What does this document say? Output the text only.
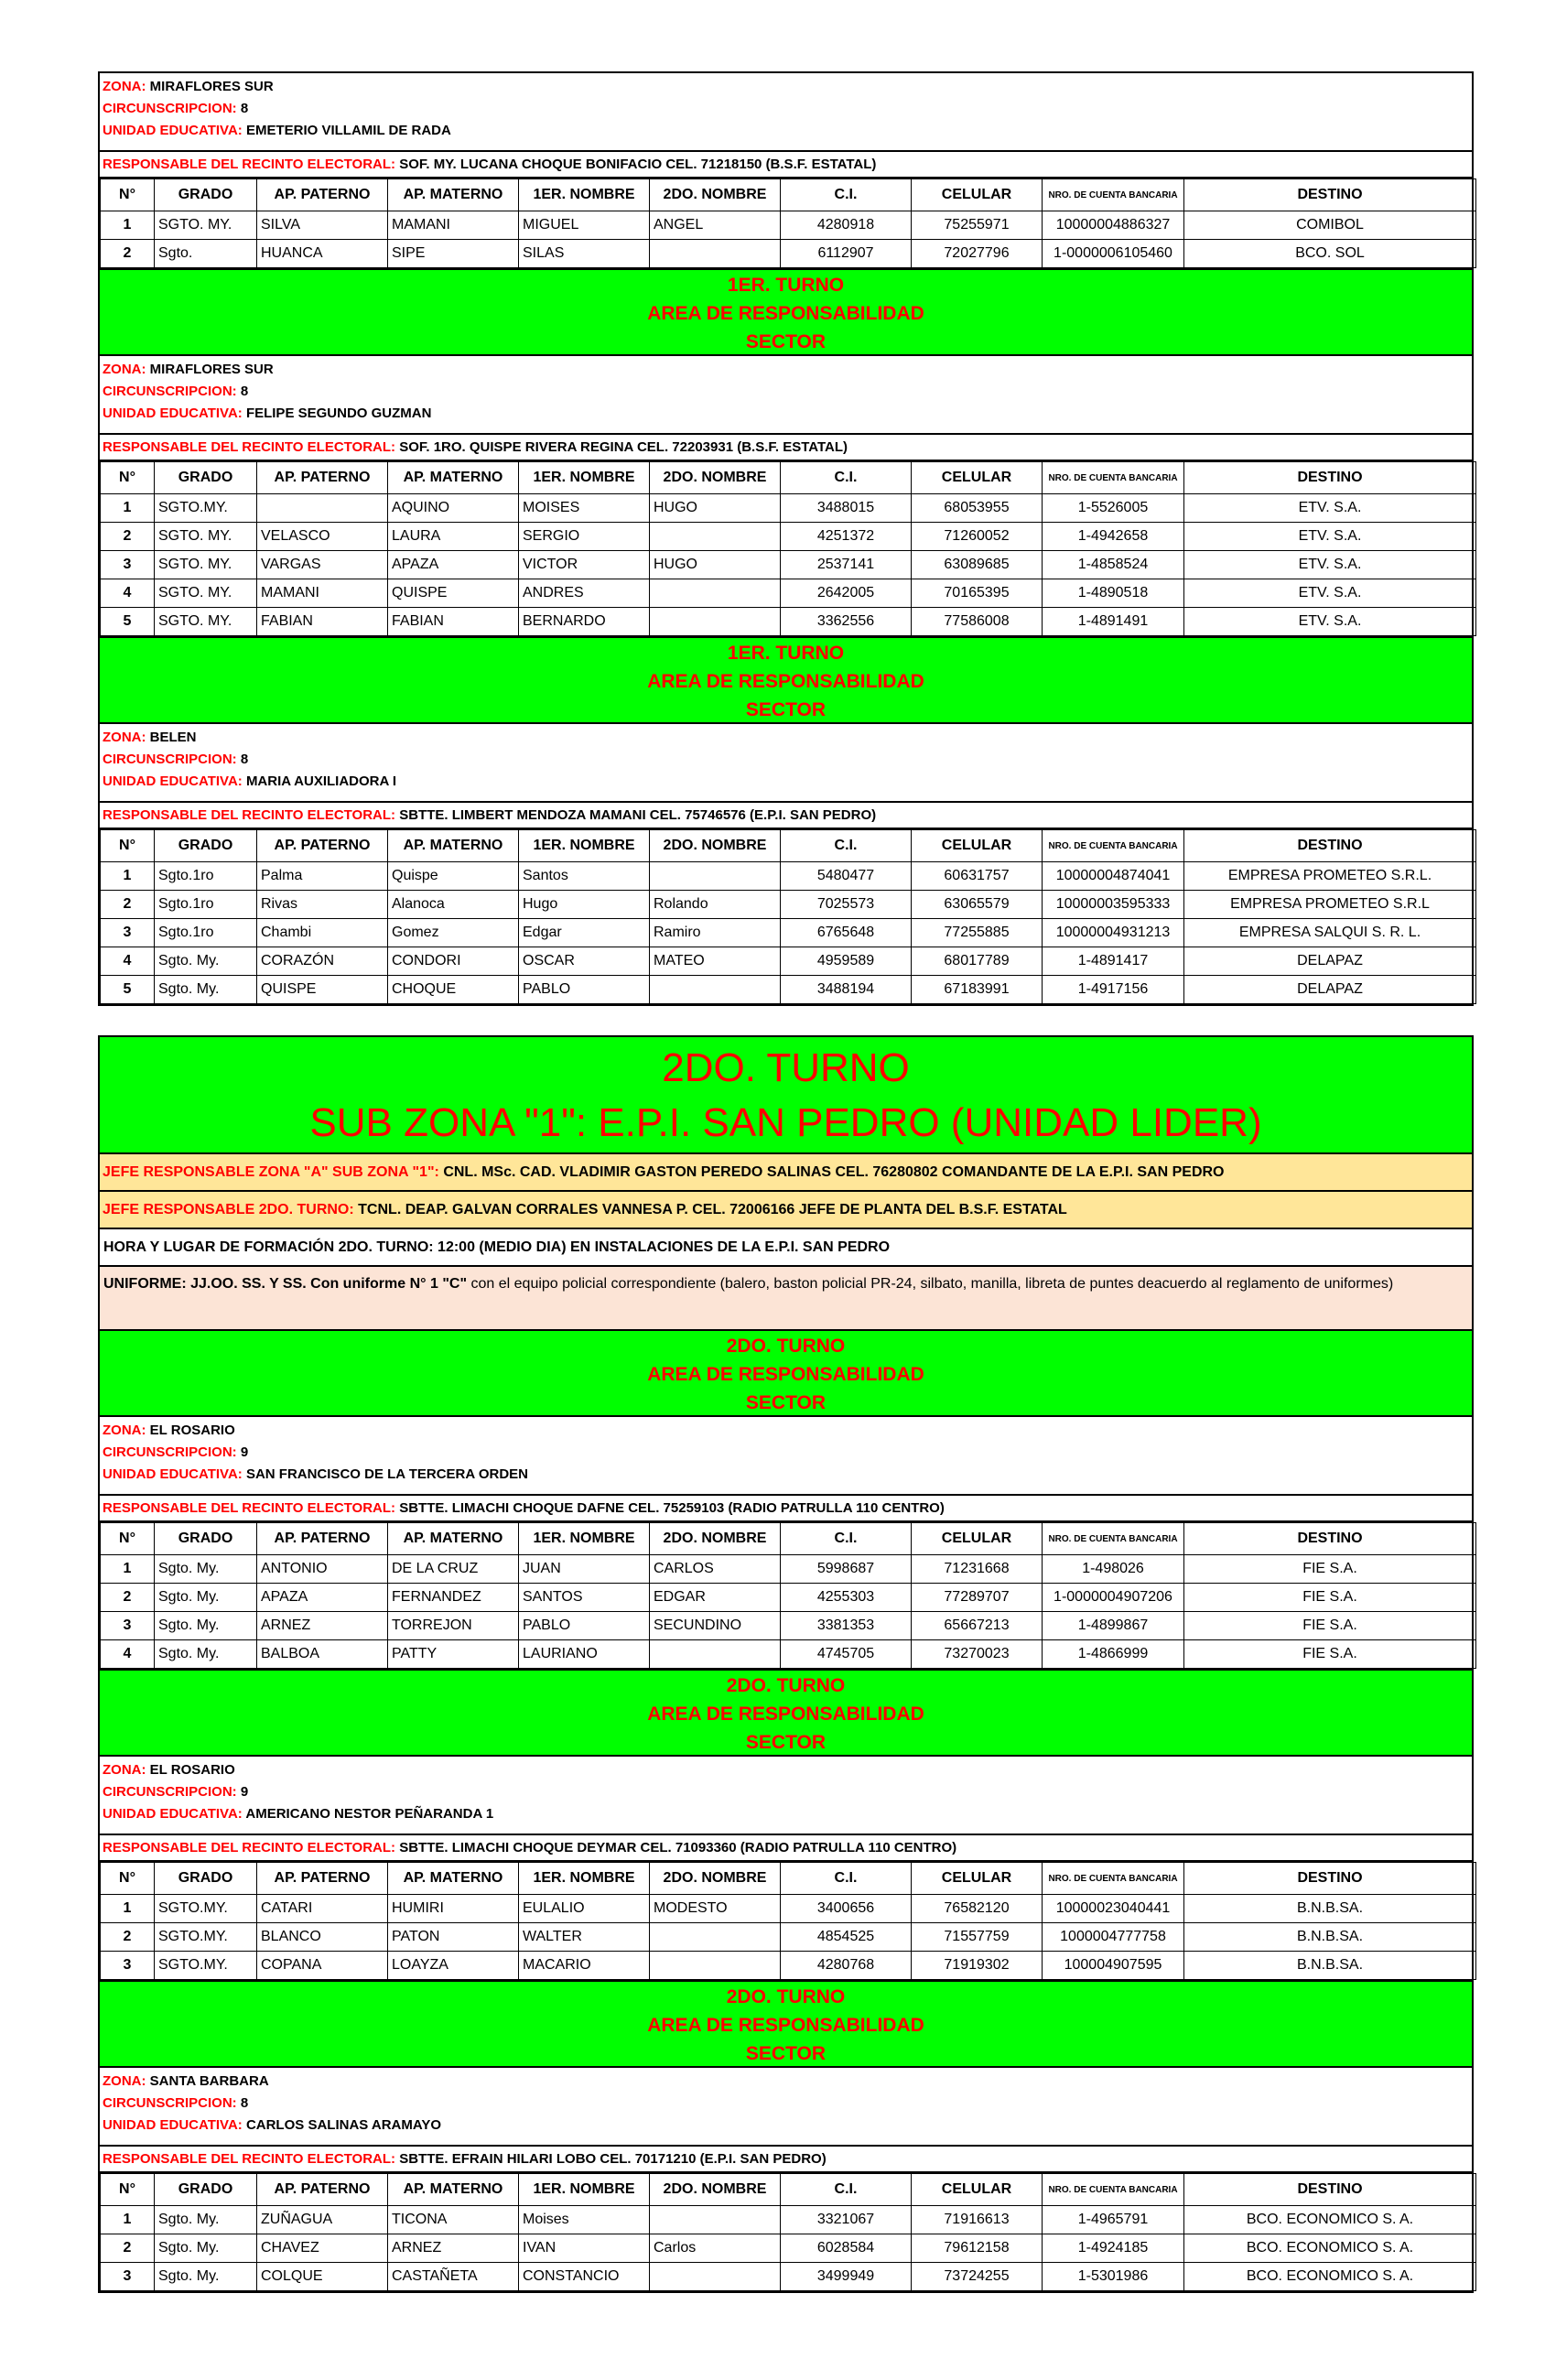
ZONA: MIRAFLORES SUR
CIRCUNSCRIPCION: 8
UNIDAD EDUCATIVA: EMETERIO VILLAMIL DE RADA
RESPONSABLE DEL RECINTO ELECTORAL: SOF. MY. LUCANA CHOQUE BONIFACIO CEL. 71218150 (B.S.F. ESTATAL)
N°	GRADO	AP. PATERNO	AP. MATERNO	1ER. NOMBRE	2DO. NOMBRE	C.I.	CELULAR	NRO. DE CUENTA BANCARIA	DESTINO
1	SGTO. MY.	SILVA	MAMANI	MIGUEL	ANGEL	4280918	75255971	10000004886327	COMIBOL
2	Sgto.	HUANCA	SIPE	SILAS		6112907	72027796	1-0000006105460	BCO. SOL
1ER. TURNO
AREA DE RESPONSABILIDAD
SECTOR
ZONA: MIRAFLORES SUR
CIRCUNSCRIPCION: 8
UNIDAD EDUCATIVA: FELIPE SEGUNDO GUZMAN
RESPONSABLE DEL RECINTO ELECTORAL: SOF. 1RO. QUISPE RIVERA REGINA CEL. 72203931 (B.S.F. ESTATAL)
N°	GRADO	AP. PATERNO	AP. MATERNO	1ER. NOMBRE	2DO. NOMBRE	C.I.	CELULAR	NRO. DE CUENTA BANCARIA	DESTINO
1	SGTO.MY.		AQUINO	MOISES	HUGO	3488015	68053955	1-5526005	ETV. S.A.
2	SGTO. MY.	VELASCO	LAURA	SERGIO		4251372	71260052	1-4942658	ETV. S.A.
3	SGTO. MY.	VARGAS	APAZA	VICTOR	HUGO	2537141	63089685	1-4858524	ETV. S.A.
4	SGTO. MY.	MAMANI	QUISPE	ANDRES		2642005	70165395	1-4890518	ETV. S.A.
5	SGTO. MY.	FABIAN	FABIAN	BERNARDO		3362556	77586008	1-4891491	ETV. S.A.
1ER. TURNO
AREA DE RESPONSABILIDAD
SECTOR
ZONA: BELEN
CIRCUNSCRIPCION: 8
UNIDAD EDUCATIVA: MARIA AUXILIADORA I
RESPONSABLE DEL RECINTO ELECTORAL: SBTTE. LIMBERT MENDOZA MAMANI CEL. 75746576 (E.P.I. SAN PEDRO)
N°	GRADO	AP. PATERNO	AP. MATERNO	1ER. NOMBRE	2DO. NOMBRE	C.I.	CELULAR	NRO. DE CUENTA BANCARIA	DESTINO
1	Sgto.1ro	Palma	Quispe	Santos		5480477	60631757	10000004874041	EMPRESA PROMETEO S.R.L.
2	Sgto.1ro	Rivas	Alanoca	Hugo	Rolando	7025573	63065579	10000003595333	EMPRESA PROMETEO S.R.L
3	Sgto.1ro	Chambi	Gomez	Edgar	Ramiro	6765648	77255885	10000004931213	EMPRESA SALQUI S. R. L.
4	Sgto. My.	CORAZÓN	CONDORI	OSCAR	MATEO	4959589	68017789	1-4891417	DELAPAZ
5	Sgto. My.	QUISPE	CHOQUE	PABLO		3488194	67183991	1-4917156	DELAPAZ
2DO. TURNO
SUB ZONA "1": E.P.I. SAN PEDRO (UNIDAD LIDER)
JEFE RESPONSABLE ZONA "A" SUB ZONA "1": CNL. MSc. CAD. VLADIMIR GASTON PEREDO SALINAS CEL. 76280802 COMANDANTE DE LA E.P.I. SAN PEDRO
JEFE RESPONSABLE 2DO. TURNO: TCNL. DEAP. GALVAN CORRALES VANNESA P. CEL. 72006166 JEFE DE PLANTA DEL B.S.F. ESTATAL
HORA Y LUGAR DE FORMACIÓN 2DO. TURNO: 12:00 (MEDIO DIA) EN INSTALACIONES DE LA E.P.I. SAN PEDRO
UNIFORME: JJ.OO. SS. Y SS. Con uniforme N° 1 "C" con el equipo policial correspondiente (balero, baston policial PR-24, silbato, manilla, libreta de puntes deacuerdo al reglamento de uniformes)
2DO. TURNO
AREA DE RESPONSABILIDAD
SECTOR
ZONA: EL ROSARIO
CIRCUNSCRIPCION: 9
UNIDAD EDUCATIVA: SAN FRANCISCO DE LA TERCERA ORDEN
RESPONSABLE DEL RECINTO ELECTORAL: SBTTE. LIMACHI CHOQUE DAFNE CEL. 75259103 (RADIO PATRULLA 110 CENTRO)
N°	GRADO	AP. PATERNO	AP. MATERNO	1ER. NOMBRE	2DO. NOMBRE	C.I.	CELULAR	NRO. DE CUENTA BANCARIA	DESTINO
1	Sgto. My.	ANTONIO	DE LA CRUZ	JUAN	CARLOS	5998687	71231668	1-498026	FIE S.A.
2	Sgto. My.	APAZA	FERNANDEZ	SANTOS	EDGAR	4255303	77289707	1-0000004907206	FIE S.A.
3	Sgto. My.	ARNEZ	TORREJON	PABLO	SECUNDINO	3381353	65667213	1-4899867	FIE S.A.
4	Sgto. My.	BALBOA	PATTY	LAURIANO		4745705	73270023	1-4866999	FIE S.A.
2DO. TURNO
AREA DE RESPONSABILIDAD
SECTOR
ZONA: EL ROSARIO
CIRCUNSCRIPCION: 9
UNIDAD EDUCATIVA: AMERICANO NESTOR PEÑARANDA 1
RESPONSABLE DEL RECINTO ELECTORAL: SBTTE. LIMACHI CHOQUE DEYMAR CEL. 71093360 (RADIO PATRULLA 110 CENTRO)
N°	GRADO	AP. PATERNO	AP. MATERNO	1ER. NOMBRE	2DO. NOMBRE	C.I.	CELULAR	NRO. DE CUENTA BANCARIA	DESTINO
1	SGTO.MY.	CATARI	HUMIRI	EULALIO	MODESTO	3400656	76582120	10000023040441	B.N.B.SA.
2	SGTO.MY.	BLANCO	PATON	WALTER		4854525	71557759	1000004777758	B.N.B.SA.
3	SGTO.MY.	COPANA	LOAYZA	MACARIO		4280768	71919302	100004907595	B.N.B.SA.
2DO. TURNO
AREA DE RESPONSABILIDAD
SECTOR
ZONA: SANTA BARBARA
CIRCUNSCRIPCION: 8
UNIDAD EDUCATIVA: CARLOS SALINAS ARAMAYO
RESPONSABLE DEL RECINTO ELECTORAL: SBTTE. EFRAIN HILARI LOBO CEL. 70171210 (E.P.I. SAN PEDRO)
N°	GRADO	AP. PATERNO	AP. MATERNO	1ER. NOMBRE	2DO. NOMBRE	C.I.	CELULAR	NRO. DE CUENTA BANCARIA	DESTINO
1	Sgto. My.	ZUÑAGUA	TICONA	Moises		3321067	71916613	1-4965791	BCO. ECONOMICO S. A.
2	Sgto. My.	CHAVEZ	ARNEZ	IVAN	Carlos	6028584	79612158	1-4924185	BCO. ECONOMICO S. A.
3	Sgto. My.	COLQUE	CASTAÑETA	CONSTANCIO		3499949	73724255	1-5301986	BCO. ECONOMICO S. A.
